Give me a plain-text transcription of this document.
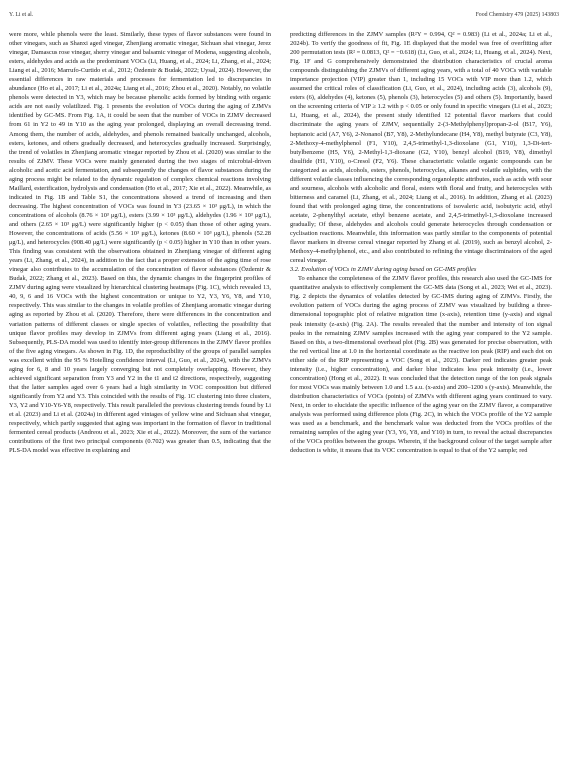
Y. Li et al.	Food Chemistry 479 (2025) 143803

were more, while phenols were the least. Similarly, these types of flavor substances were found in other vinegars, such as Shanxi aged vinegar, Zhenjiang aromatic vinegar, Sichuan shai vinegar, Jerez vinegar, Damascus rose vinegar, sherry vinegar and balsamic vinegar of Modena, suggesting alcohols, esters, aldehydes and acids as the predominant VOCs (Li, Huang, et al., 2024; Li, Zhang, et al., 2024; Liang et al., 2016; Marrufo-Curtido et al., 2012; Özdemir & Budak, 2022; Uysal, 2024). However, the essential differences in raw materials and processes for fermentation led to discrepancies in abundance (Ho et al., 2017; Li et al., 2024a; Liang et al., 2016; Zhou et al., 2020). Notably, no volatile phenols were detected in Y3, which may be because phenolic acids formed by binding with organic acids are not easily volatilized. Fig. 1 presents the evolution of VOCs during the aging of ZJMVs identified by GC-MS. From Fig. 1A, it could be seen that the number of VOCs in ZJMV decreased from 61 in Y2 to 49 in Y10 as the aging year prolonged, displaying an overall decreasing trend. Among them, the number of acids, aldehydes, and phenols remained basically unchanged, alcohols, esters, ketones, and others gradually decreased, and heterocycles gradually increased. Surprisingly, the trend of volatiles in Zhenjiang aromatic vinegar reported by Zhou et al. (2020) was similar to the results of ZJMV. These VOCs were mainly generated during the two stages of microbial-driven alcoholic and acetic acid fermentation, and subsequently the changes of flavor substances during the aging process might be related to the dynamic regulation of complex chemical reactions involving Maillard, esterification, hydrolysis and condensation (Ho et al., 2017; Xie et al., 2022). Meanwhile, as indicated in Fig. 1B and Table S1, the concentrations showed a trend of increasing and then decreasing. The highest concentration of VOCs was found in Y3 (23.65 × 10³ μg/L), in which the concentrations of alcohols (8.76 × 10³ μg/L), esters (3.99 × 10³ μg/L), aldehydes (1.96 × 10³ μg/L), and others (2.65 × 10³ μg/L) were significantly higher (p < 0.05) than those of other aging years. However, the concentrations of acids (5.56 × 10³ μg/L), ketones (8.60 × 10³ μg/L), phenols (52.28 μg/L), and heterocycles (908.40 μg/L) were significantly (p < 0.05) higher in Y10 than in other years. This finding was consistent with the observations obtained in Zhenjiang vinegar of different aging years (Li, Zhang, et al., 2024), in addition to the fact that a proper extension of the aging time of rose vinegar also contributes to the accumulation of the concentration of flavor substances (Özdemir & Budak, 2022; Zhang et al., 2023). Based on this, the dynamic changes in the fingerprint profiles of ZJMV during aging were visualized by hierarchical clustering heatmaps (Fig. 1C), which revealed 13, 40, 9, 6 and 16 VOCs with the highest concentration or unique to Y2, Y3, Y6, Y8, and Y10, respectively. This was similar to the changes in volatile profiles of Zhenjiang aromatic vinegar during aging as reported by Zhou et al. (2020). Therefore, there were differences in the concentration and variation patterns of different classes or single species of volatiles, reflecting the possibility that unique flavor profiles may develop in ZJMVs from different aging years (Liang et al., 2016). Subsequently, PLS-DA model was used to identify inter-group differences in the ZJMV flavor profiles of the five aging vinegars. As shown in Fig. 1D, the reproducibility of the groups of parallel samples was excellent within the 95 % Hotelling confidence interval (Li, Guo, et al., 2024), with the ZJMVs aging for 6, 8 and 10 years largely converging but not completely overlapping. However, they achieved significant separation from Y3 and Y2 in the t1 and t2 directions, respectively, suggesting that the latter samples aged over 6 years had a high similarity in VOC composition but differed significantly from Y2 and Y3. This coincided with the results of Fig. 1C clustering into three clusters, Y3, Y2 and Y10-Y6-Y8, respectively. This result paralleled the previous clustering trends found by Li et al. (2023) and Li et al. (2024a) in different aged vintages of yellow wine and Sichuan shai vinegar, respectively, which partly suggested that aging was important in the formation of flavor in traditional fermented cereal products (Andreou et al., 2023; Xie et al., 2022). Moreover, the sum of the variance contributions of the first two principal components (0.702) was greater than 0.5, indicating that the PLS-DA model was effective in explaining and

predicting differences in the ZJMV samples (R²Y = 0.994, Q² = 0.983) (Li et al., 2024a; Li et al., 2024b). To verify the goodness of fit, Fig. 1E displayed that the model was free of overfitting after 200 permutation tests (R² = 0.0813, Q² = −0.618) (Li, Guo, et al., 2024; Li, Huang, et al., 2024). Next, Fig. 1F and G comprehensively demonstrated the distribution characteristics of crucial aroma compounds distinguishing the ZJMVs of different aging years, with a total of 40 VOCs with variable importance projection (VIP) greater than 1, including 15 VOCs with VIP more than 1.2, which assumed the critical roles of classification (Li, Guo, et al., 2024), including acids (3), alcohols (9), esters (6), aldehydes (4), ketones (5), phenols (3), heterocycles (5) and others (5). Importantly, based on the screening criteria of VIP ≥ 1.2 with p < 0.05 or only found in specific vinegars (Li et al., 2023; Li, Huang, et al., 2024), the present study identified 12 potential flavor markers that could discriminate the aging years of ZJMV, sequentially 2-(3-Methylphenyl)propan-2-ol (B17, Y6), heptanoic acid (A7, Y6), 2-Nonanol (B7, Y8), 2-Methylundecane (H4, Y8), methyl butyrate (C3, Y8), 2-Methoxy-4-methylphenol (F1, Y10), 2,4,5-trimethyl-1,3-dioxolane (G1, Y10), 1,3-Di-tert-butylbenzene (H5, Y6), 2-Methyl-1,3-dioxane (G2, Y10), benzyl alcohol (B19, Y8), dimethyl disulfide (H1, Y10), o-Cresol (F2, Y6). These characteristic volatile organic compounds can be categorized as acids, alcohols, esters, phenols, heterocycles, alkanes and volatile sulphides, with the different volatile classes influencing the corresponding organoleptic attributes, such as acids with sour and sourness, alcohols with alcoholic and floral, esters with floral and fruity, and heterocycles with bitterness and caramel (Li, Zhang, et al., 2024; Liang et al., 2016). In addition, Zhang et al. (2023) found that with prolonged aging time, the concentrations of isovaleric acid, isobutyric acid, ethyl acetate, 2-phenylthyl acetate, ethyl benzene acetate, and 2,4,5-trimethyl-1,3-dioxolane increased gradually; Of these, aldehydes and alcohols could generate heterocycles through condensation or cyclisation reactions. Meanwhile, this information was partly similar to the components of potential flavor markers in diverse cereal vinegar reported by Zhang et al. (2019), such as benzyl alcohol, 2-Methoxy-4-methylphenol, etc., and also contributed to refining the vintage discriminators of the aged cereal vinegar.

3.2. Evolution of VOCs in ZJMV during aging based on GC-IMS profiles

To enhance the completeness of the ZJMV flavor profiles, this research also used the GC-IMS for quantitative analysis to effectively complement the GC-MS data (Song et al., 2023; Wei et al., 2023). Fig. 2 depicts the dynamics of volatiles detected by GC-IMS during aging of ZJMVs. Firstly, the evolution pattern of VOCs during the aging process of ZJMV was visualized by building a three-dimensional topographic plot of relative migration time (x-axis), retention time (y-axis) and signal peak intensity (z-axis) (Fig. 2A). The results revealed that the number and intensity of ion signal peaks in the remaining ZJMV samples increased with the aging year compared to the Y2 sample. Based on this, a two-dimensional overhead plot (Fig. 2B) was generated for precise observation, with the red vertical line at 1.0 in the horizontal coordinate as the reactive ion peak (RIP) and each dot on either side of the RIP representing a VOC (Song et al., 2023). Darker red indicates greater peak intensity (i.e., higher concentration), and darker blue indicates less peak intensity (i.e., lower concentration) (Hong et al., 2022). It was concluded that the detection range of the ion peak signals for most VOCs was mainly between 1.0 and 1.5 a.u. (x-axis) and 200–1200 s (y-axis). Meanwhile, the distribution characteristics of VOCs (points) of ZJMVs with different aging years continued to vary. Next, in order to elucidate the specific influence of the aging year on the ZJMV flavor, a comparative analysis was performed using difference plots (Fig. 2C), in which the VOCs profile of the Y2 sample was used as a benchmark, and the benchmark value was deducted from the VOCs profiles of the remaining samples of the aging year (Y3, Y6, Y8, and Y10) in turn, to reveal the actual discrepancies of the VOCs profiles between the groups. Wherein, if the background colour of the target sample after deduction is white, it means that its VOC concentration is equal to that of the Y2 sample; red
